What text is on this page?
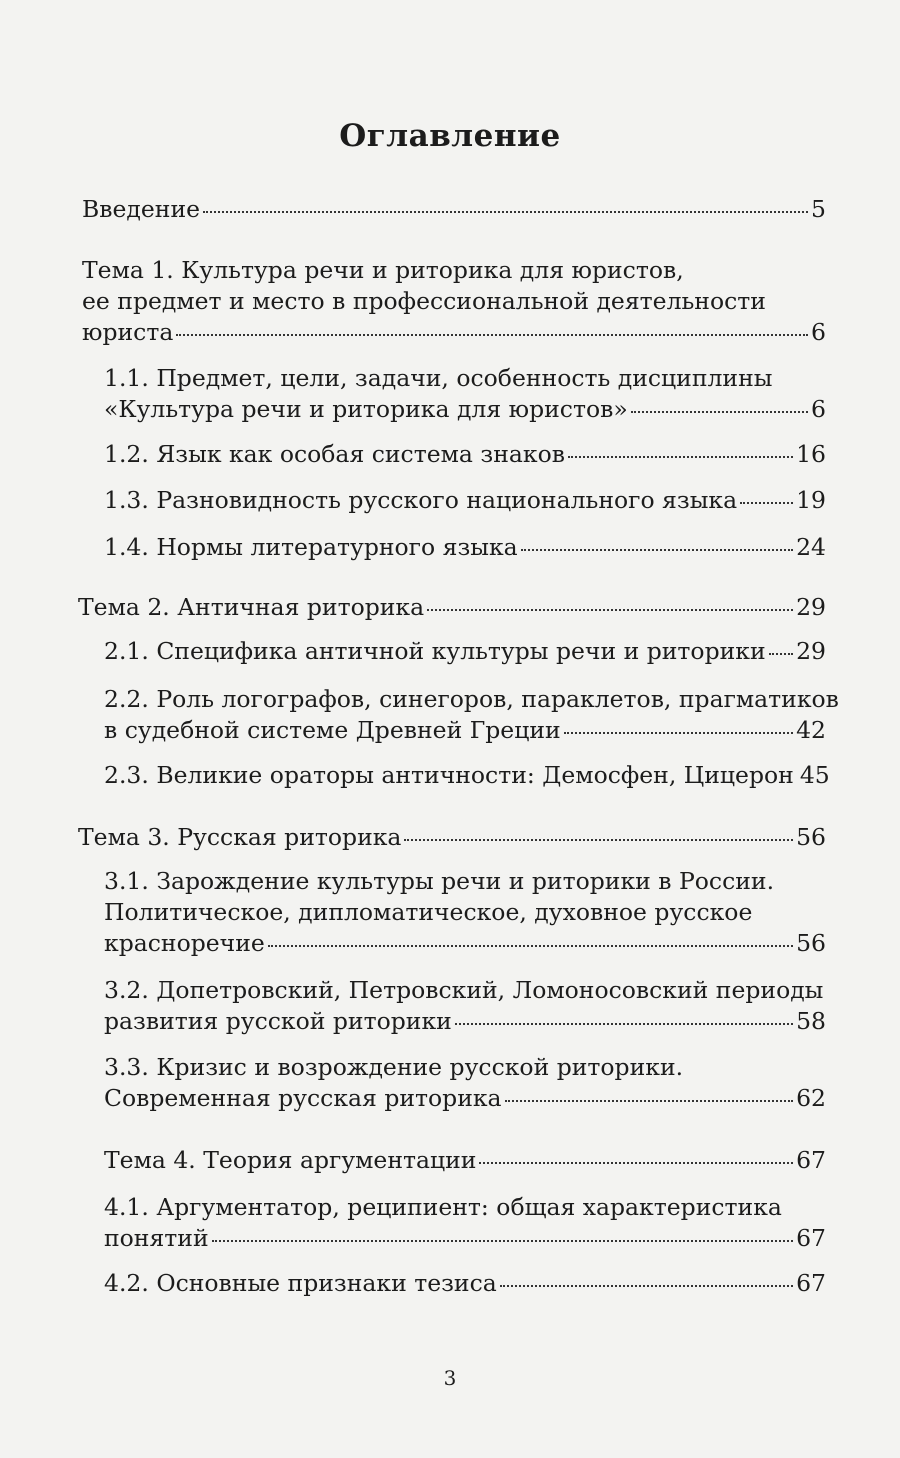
Оглавление
Введение	5
Тема 1. Культура речи и риторика для юристов,
ее предмет и место в профессиональной деятельности
юриста	6
1.1. Предмет, цели, задачи, особенность дисциплины
«Культура речи и риторика для юристов»	6
1.2. Язык как особая система знаков	16
1.3. Разновидность русского национального языка	19
1.4. Нормы литературного языка	24
Тема 2. Античная риторика	29
2.1. Специфика античной культуры речи и риторики 29
2.2. Роль логографов, синегоров, параклетов, прагматиков
в судебной системе Древней Греции	42
2.3. Великие ораторы античности: Демосфен, Цицерон 45
Тема 3. Русская риторика	56
3.1. Зарождение культуры речи и риторики в России.
Политическое, дипломатическое, духовное русское
красноречие	56
3.2. Допетровский, Петровский, Ломоносовский периоды
развития русской риторики	58
3.3. Кризис и возрождение русской риторики.
Современная русская риторика	62
Тема 4. Теория аргументации	67
4.1. Аргументатор, реципиент: общая характеристика
понятий	67
4.2. Основные признаки тезиса	67
3
